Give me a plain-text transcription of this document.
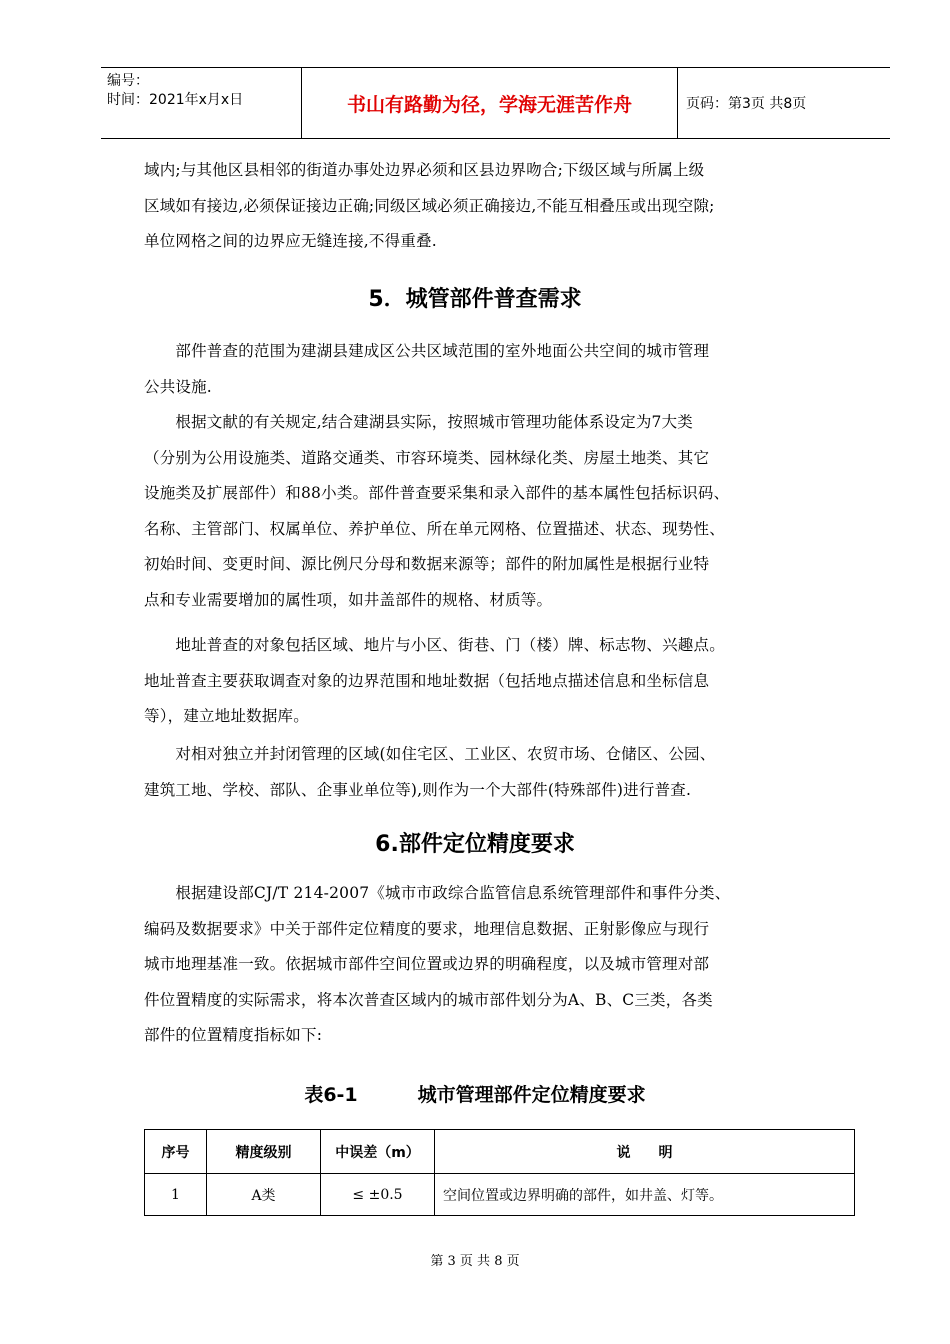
编号：
时间：2021年x月x日	书山有路勤为径，学海无涯苦作舟	页码：第3页 共8页
域内;与其他区县相邻的街道办事处边界必须和区县边界吻合;下级区域与所属上级
区域如有接边,必须保证接边正确;同级区域必须正确接边,不能互相叠压或出现空隙;
单位网格之间的边界应无缝连接,不得重叠.
5．城管部件普查需求
　　部件普查的范围为建湖县建成区公共区域范围的室外地面公共空间的城市管理
公共设施.
　　根据文献的有关规定,结合建湖县实际，按照城市管理功能体系设定为7大类
（分别为公用设施类、道路交通类、市容环境类、园林绿化类、房屋土地类、其它
设施类及扩展部件）和88小类。部件普查要采集和录入部件的基本属性包括标识码、
名称、主管部门、权属单位、养护单位、所在单元网格、位置描述、状态、现势性、
初始时间、变更时间、源比例尺分母和数据来源等；部件的附加属性是根据行业特
点和专业需要增加的属性项，如井盖部件的规格、材质等。
　　地址普查的对象包括区域、地片与小区、街巷、门（楼）牌、标志物、兴趣点。
地址普查主要获取调查对象的边界范围和地址数据（包括地点描述信息和坐标信息
等），建立地址数据库。
　　对相对独立并封闭管理的区域(如住宅区、工业区、农贸市场、仓储区、公园、
建筑工地、学校、部队、企事业单位等),则作为一个大部件(特殊部件)进行普查.
6.部件定位精度要求
　　根据建设部CJ/T 214-2007《城市市政综合监管信息系统管理部件和事件分类、
编码及数据要求》中关于部件定位精度的要求，地理信息数据、正射影像应与现行
城市地理基准一致。依据城市部件空间位置或边界的明确程度，以及城市管理对部
件位置精度的实际需求，将本次普查区域内的城市部件划分为A、B、C三类，各类
部件的位置精度指标如下:
表6-1	城市管理部件定位精度要求
序号	精度级别	中误差（m）	说　　明
1	A类	≤ ±0.5	空间位置或边界明确的部件，如井盖、灯等。
第 3 页 共 8 页
